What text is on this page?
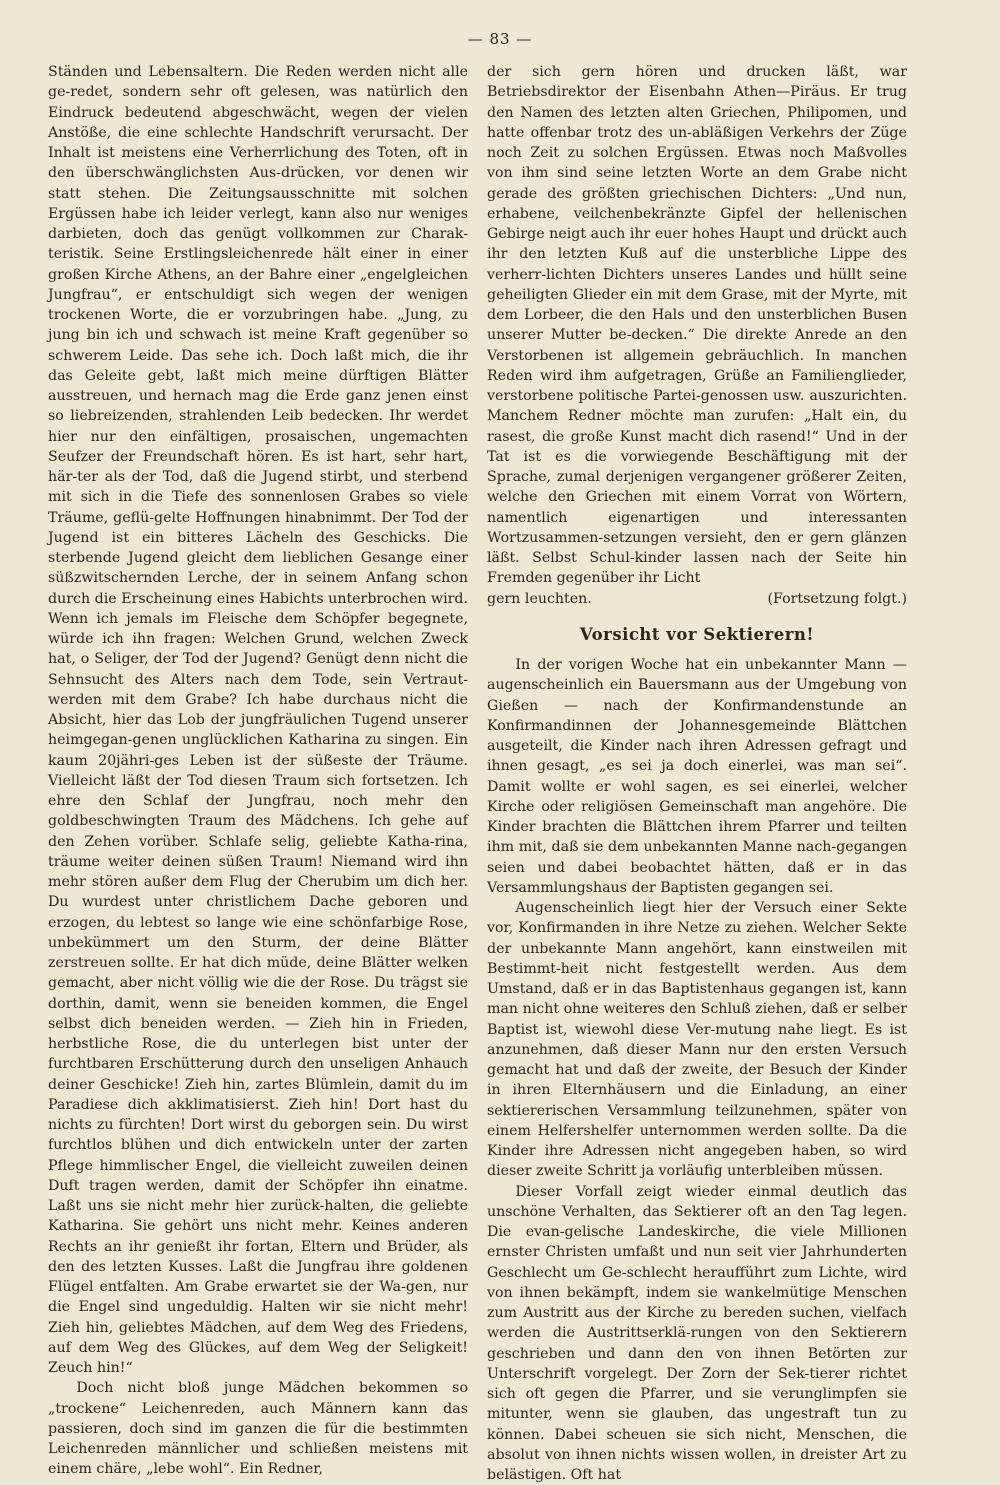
— 83 —

Ständen und Lebensaltern. Die Reden werden nicht alle ge-redet, sondern sehr oft gelesen, was natürlich den Eindruck bedeutend abgeschwächt, wegen der vielen Anstöße, die eine schlechte Handschrift verursacht. Der Inhalt ist meistens eine Verherrlichung des Toten, oft in den überschwänglichsten Aus-drücken, vor denen wir statt stehen. Die Zeitungsausschnitte mit solchen Ergüssen habe ich leider verlegt, kann also nur weniges darbieten, doch das genügt vollkommen zur Charak-teristik. Seine Erstlingsleichenrede hält einer in einer großen Kirche Athens, an der Bahre einer „engelgleichen Jungfrau“, er entschuldigt sich wegen der wenigen trockenen Worte, die er vorzubringen habe. „Jung, zu jung bin ich und schwach ist meine Kraft gegenüber so schwerem Leide. Das sehe ich. Doch laßt mich, die ihr das Geleite gebt, laßt mich meine dürftigen Blätter ausstreuen, und hernach mag die Erde ganz jenen einst so liebreizenden, strahlenden Leib bedecken. Ihr werdet hier nur den einfältigen, prosaischen, ungemachten Seufzer der Freundschaft hören. Es ist hart, sehr hart, här-ter als der Tod, daß die Jugend stirbt, und sterbend mit sich in die Tiefe des sonnenlosen Grabes so viele Träume, geflü-gelte Hoffnungen hinabnimmt. Der Tod der Jugend ist ein bitteres Lächeln des Geschicks. Die sterbende Jugend gleicht dem lieblichen Gesange einer süßzwitschernden Lerche, der in seinem Anfang schon durch die Erscheinung eines Habichts unterbrochen wird. Wenn ich jemals im Fleische dem Schöpfer begegnete, würde ich ihn fragen: Welchen Grund, welchen Zweck hat, o Seliger, der Tod der Jugend? Genügt denn nicht die Sehnsucht des Alters nach dem Tode, sein Vertraut-werden mit dem Grabe? Ich habe durchaus nicht die Absicht, hier das Lob der jungfräulichen Tugend unserer heimgegan-genen unglücklichen Katharina zu singen. Ein kaum 20jähri-ges Leben ist der süßeste der Träume. Vielleicht läßt der Tod diesen Traum sich fortsetzen. Ich ehre den Schlaf der Jungfrau, noch mehr den goldbeschwingten Traum des Mädchens. Ich gehe auf den Zehen vorüber. Schlafe selig, geliebte Katha-rina, träume weiter deinen süßen Traum! Niemand wird ihn mehr stören außer dem Flug der Cherubim um dich her. Du wurdest unter christlichem Dache geboren und erzogen, du lebtest so lange wie eine schönfarbige Rose, unbekümmert um den Sturm, der deine Blätter zerstreuen sollte. Er hat dich müde, deine Blätter welken gemacht, aber nicht völlig wie die der Rose. Du trägst sie dorthin, damit, wenn sie beneiden kommen, die Engel selbst dich beneiden werden. — Zieh hin in Frieden, herbstliche Rose, die du unterlegen bist unter der furchtbaren Erschütterung durch den unseligen Anhauch deiner Geschicke! Zieh hin, zartes Blümlein, damit du im Paradiese dich akklimatisierst. Zieh hin! Dort hast du nichts zu fürchten! Dort wirst du geborgen sein. Du wirst furchtlos blühen und dich entwickeln unter der zarten Pflege himmlischer Engel, die vielleicht zuweilen deinen Duft tragen werden, damit der Schöpfer ihn einatme. Laßt uns sie nicht mehr hier zurück-halten, die geliebte Katharina. Sie gehört uns nicht mehr. Keines anderen Rechts an ihr genießt ihr fortan, Eltern und Brüder, als den des letzten Kusses. Laßt die Jungfrau ihre goldenen Flügel entfalten. Am Grabe erwartet sie der Wa-gen, nur die Engel sind ungeduldig. Halten wir sie nicht mehr! Zieh hin, geliebtes Mädchen, auf dem Weg des Friedens, auf dem Weg des Glückes, auf dem Weg der Seligkeit! Zeuch hin!“

Doch nicht bloß junge Mädchen bekommen so „trockene“ Leichenreden, auch Männern kann das passieren, doch sind im ganzen die für die bestimmten Leichenreden männlicher und schließen meistens mit einem chäre, „lebe wohl“. Ein Redner,

der sich gern hören und drucken läßt, war Betriebsdirektor der Eisenbahn Athen—Piräus. Er trug den Namen des letzten alten Griechen, Philipomen, und hatte offenbar trotz des un-abläßigen Verkehrs der Züge noch Zeit zu solchen Ergüssen. Etwas noch Maßvolles von ihm sind seine letzten Worte an dem Grabe nicht gerade des größten griechischen Dichters: „Und nun, erhabene, veilchenbekränzte Gipfel der hellenischen Gebirge neigt auch ihr euer hohes Haupt und drückt auch ihr den letzten Kuß auf die unsterbliche Lippe des verherr-lichten Dichters unseres Landes und hüllt seine geheiligten Glieder ein mit dem Grase, mit der Myrte, mit dem Lorbeer, die den Hals und den unsterblichen Busen unserer Mutter be-decken.“ Die direkte Anrede an den Verstorbenen ist allgemein gebräuchlich. In manchen Reden wird ihm aufgetragen, Grüße an Familienglieder, verstorbene politische Partei-genossen usw. auszurichten. Manchem Redner möchte man zurufen: „Halt ein, du rasest, die große Kunst macht dich rasend!“ Und in der Tat ist es die vorwiegende Beschäftigung mit der Sprache, zumal derjenigen vergangener größerer Zeiten, welche den Griechen mit einem Vorrat von Wörtern, namentlich eigenartigen und interessanten Wortzusammen-setzungen versieht, den er gern glänzen läßt. Selbst Schul-kinder lassen nach der Seite hin Fremden gegenüber ihr Licht

gern leuchten.	(Fortsetzung folgt.)
Vorsicht vor Sektierern!

In der vorigen Woche hat ein unbekannter Mann — augenscheinlich ein Bauersmann aus der Umgebung von Gießen — nach der Konfirmandenstunde an Konfirmandinnen der Johannesgemeinde Blättchen ausgeteilt, die Kinder nach ihren Adressen gefragt und ihnen gesagt, „es sei ja doch einerlei, was man sei“. Damit wollte er wohl sagen, es sei einerlei, welcher Kirche oder religiösen Gemeinschaft man angehöre. Die Kinder brachten die Blättchen ihrem Pfarrer und teilten ihm mit, daß sie dem unbekannten Manne nach-gegangen seien und dabei beobachtet hätten, daß er in das Versammlungshaus der Baptisten gegangen sei.

Augenscheinlich liegt hier der Versuch einer Sekte vor, Konfirmanden in ihre Netze zu ziehen. Welcher Sekte der unbekannte Mann angehört, kann einstweilen mit Bestimmt-heit nicht festgestellt werden. Aus dem Umstand, daß er in das Baptistenhaus gegangen ist, kann man nicht ohne weiteres den Schluß ziehen, daß er selber Baptist ist, wiewohl diese Ver-mutung nahe liegt. Es ist anzunehmen, daß dieser Mann nur den ersten Versuch gemacht hat und daß der zweite, der Besuch der Kinder in ihren Elternhäusern und die Einladung, an einer sektiererischen Versammlung teilzunehmen, später von einem Helfershelfer unternommen werden sollte. Da die Kinder ihre Adressen nicht angegeben haben, so wird dieser zweite Schritt ja vorläufig unterbleiben müssen.

Dieser Vorfall zeigt wieder einmal deutlich das unschöne Verhalten, das Sektierer oft an den Tag legen. Die evan-gelische Landeskirche, die viele Millionen ernster Christen umfaßt und nun seit vier Jahrhunderten Geschlecht um Ge-schlecht heraufführt zum Lichte, wird von ihnen bekämpft, indem sie wankelmütige Menschen zum Austritt aus der Kirche zu bereden suchen, vielfach werden die Austrittserklä-rungen von den Sektierern geschrieben und dann den von ihnen Betörten zur Unterschrift vorgelegt. Der Zorn der Sek-tierer richtet sich oft gegen die Pfarrer, und sie verunglimpfen sie mitunter, wenn sie glauben, das ungestraft tun zu können. Dabei scheuen sie sich nicht, Menschen, die absolut von ihnen nichts wissen wollen, in dreister Art zu belästigen. Oft hat
